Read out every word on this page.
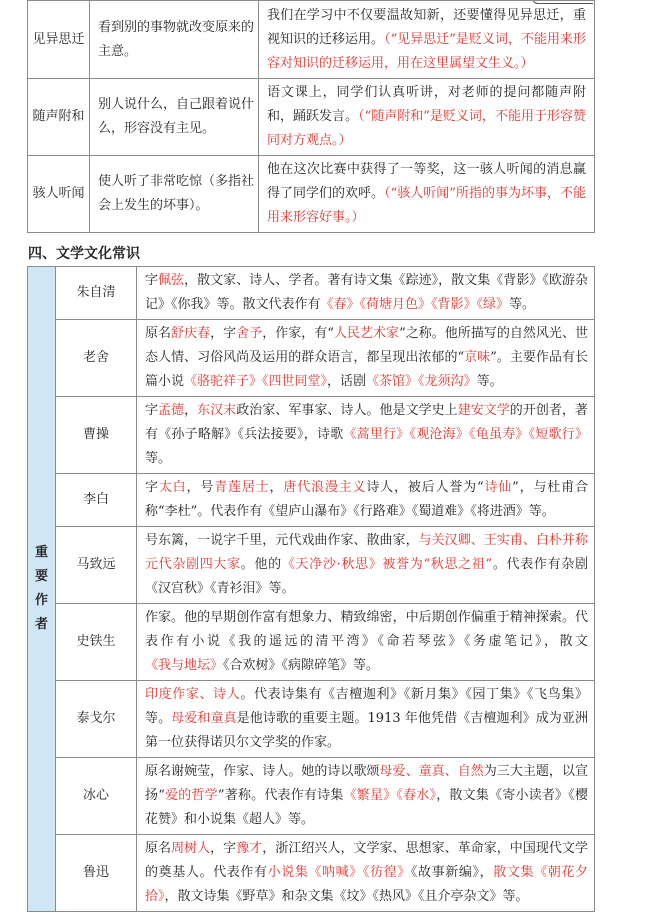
见异思迁	看到别的事物就改变原来的主意。	我们在学习中不仅要温故知新，还要懂得见异思迁，重视知识的迁移运用。（“见异思迁”是贬义词，不能用来形容对知识的迁移运用，用在这里属望文生义。）
随声附和	别人说什么，自己跟着说什么，形容没有主见。	语文课上，同学们认真听讲，对老师的提问都随声附和，踊跃发言。（“随声附和”是贬义词，不能用于形容赞同对方观点。）
骇人听闻	使人听了非常吃惊（多指社会上发生的坏事）。	他在这次比赛中获得了一等奖，这一骇人听闻的消息赢得了同学们的欢呼。（“骇人听闻”所指的事为坏事，不能用来形容好事。）
四、文学文化常识
重要作者	朱自清	字佩弦，散文家、诗人、学者。著有诗文集《踪迹》，散文集《背影》《欧游杂记》《你我》等。散文代表作有《春》《荷塘月色》《背影》《绿》等。
	老舍	原名舒庆春，字舍予，作家，有“人民艺术家”之称。他所描写的自然风光、世态人情、习俗风尚及运用的群众语言，都呈现出浓郁的“京味”。主要作品有长篇小说《骆驼祥子》《四世同堂》，话剧《茶馆》《龙须沟》等。
	曹操	字孟德，东汉末政治家、军事家、诗人。他是文学史上建安文学的开创者，著有《孙子略解》《兵法接要》，诗歌《蒿里行》《观沧海》《龟虽寿》《短歌行》等。
	李白	字太白，号青莲居士，唐代浪漫主义诗人，被后人誉为“诗仙”，与杜甫合称“李杜”。代表作有《望庐山瀑布》《行路难》《蜀道难》《将进酒》等。
	马致远	号东篱，一说字千里，元代戏曲作家、散曲家，与关汉卿、王实甫、白朴并称元代杂剧四大家。他的《天净沙·秋思》被誉为“秋思之祖”。代表作有杂剧《汉宫秋》《青衫泪》等。
	史铁生	作家。他的早期创作富有想象力、精致绵密，中后期创作偏重于精神探索。代表作有小说《我的遥远的清平湾》《命若琴弦》《务虚笔记》，散文《我与地坛》《合欢树》《病隙碎笔》等。
	泰戈尔	印度作家、诗人。代表诗集有《吉檀迦利》《新月集》《园丁集》《飞鸟集》等。母爱和童真是他诗歌的重要主题。1913 年他凭借《吉檀迦利》成为亚洲第一位获得诺贝尔文学奖的作家。
	冰心	原名谢婉莹，作家、诗人。她的诗以歌颂母爱、童真、自然为三大主题，以宣扬“爱的哲学”著称。代表作有诗集《繁星》《春水》，散文集《寄小读者》《樱花赞》和小说集《超人》等。
	鲁迅	原名周树人，字豫才，浙江绍兴人，文学家、思想家、革命家，中国现代文学的奠基人。代表作有小说集《呐喊》《彷徨》《故事新编》，散文集《朝花夕拾》，散文诗集《野草》和杂文集《坟》《热风》《且介亭杂文》等。
